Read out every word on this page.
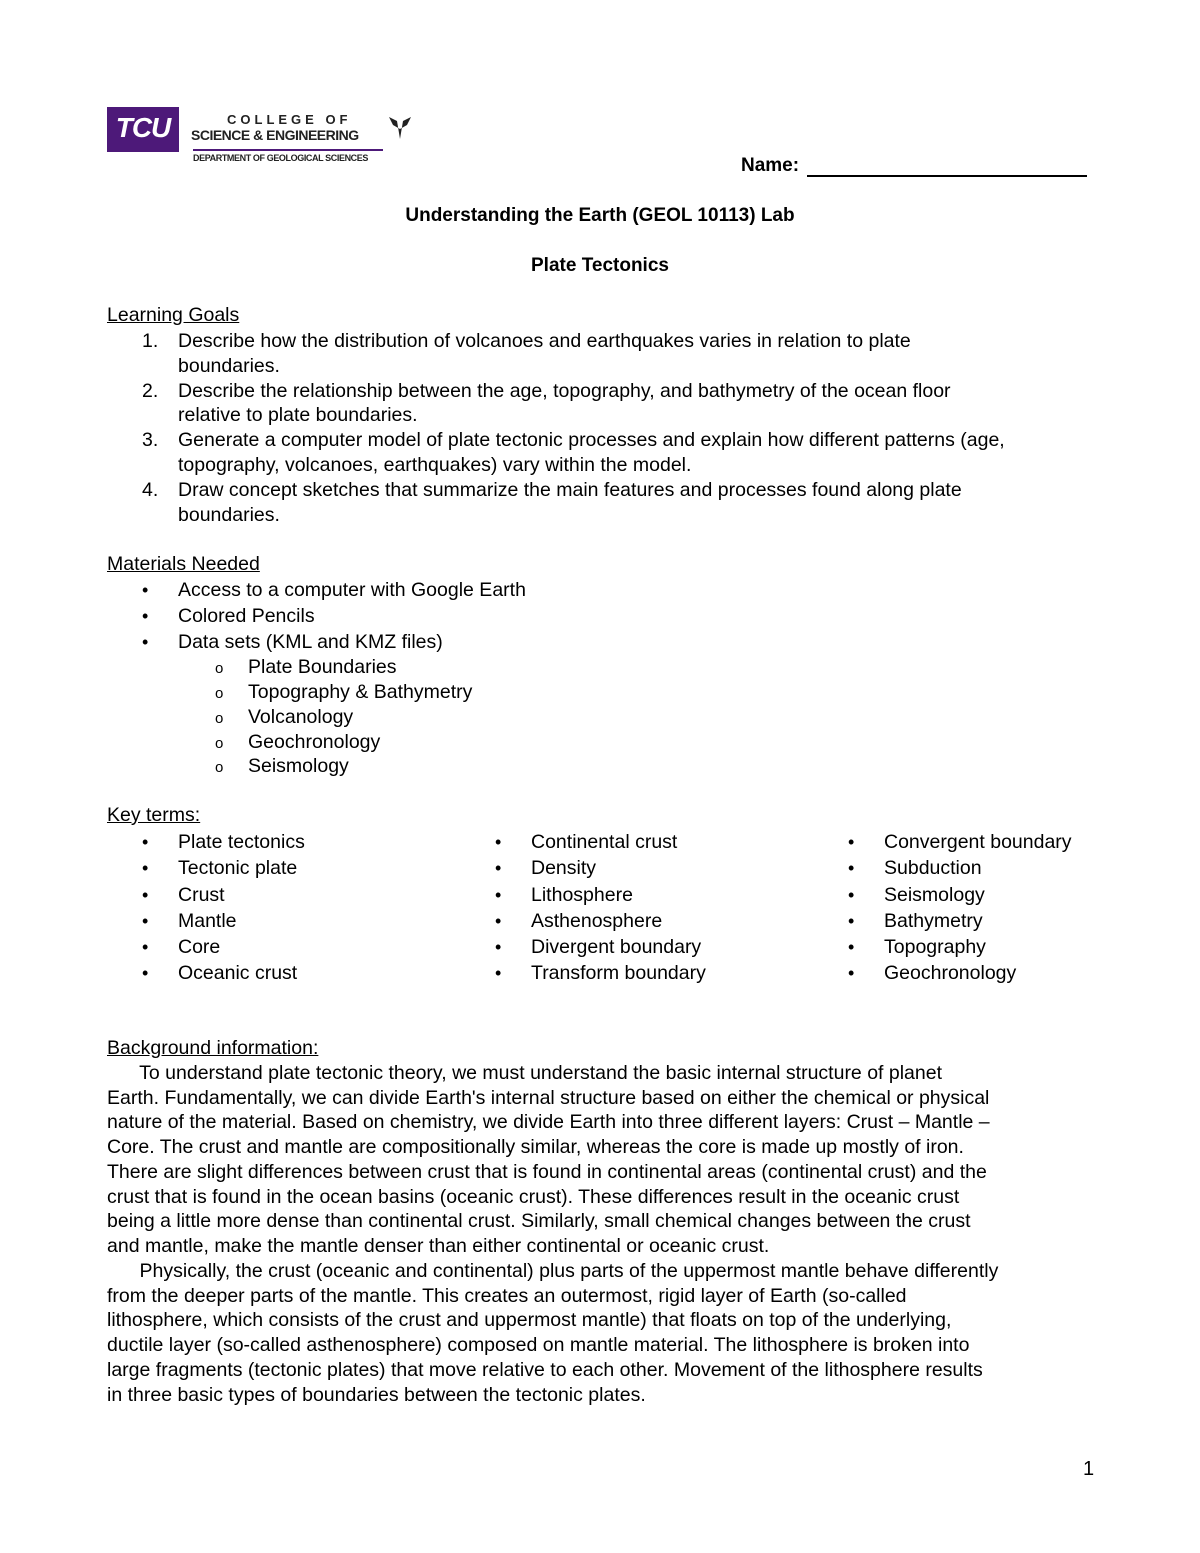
TCU	COLLEGE OF
SCIENCE & ENGINEERING
DEPARTMENT OF GEOLOGICAL SCIENCES	Name:
Understanding the Earth (GEOL 10113) Lab
Plate Tectonics
Learning Goals
1. Describe how the distribution of volcanoes and earthquakes varies in relation to plate
boundaries.
2. Describe the relationship between the age, topography, and bathymetry of the ocean floor
relative to plate boundaries.
3. Generate a computer model of plate tectonic processes and explain how different patterns (age,
topography, volcanoes, earthquakes) vary within the model.
4. Draw concept sketches that summarize the main features and processes found along plate
boundaries.
Materials Needed
• Access to a computer with Google Earth
• Colored Pencils
• Data sets (KML and KMZ files)
o Plate Boundaries
o Topography & Bathymetry
o Volcanology
o Geochronology
o Seismology
Key terms:
• Plate tectonics
• Tectonic plate
• Crust
• Mantle
• Core
• Oceanic crust
• Continental crust
• Density
• Lithosphere
• Asthenosphere
• Divergent boundary
• Transform boundary
• Convergent boundary
• Subduction
• Seismology
• Bathymetry
• Topography
• Geochronology
Background information:
To understand plate tectonic theory, we must understand the basic internal structure of planet
Earth. Fundamentally, we can divide Earth's internal structure based on either the chemical or physical
nature of the material. Based on chemistry, we divide Earth into three different layers: Crust – Mantle –
Core. The crust and mantle are compositionally similar, whereas the core is made up mostly of iron.
There are slight differences between crust that is found in continental areas (continental crust) and the
crust that is found in the ocean basins (oceanic crust). These differences result in the oceanic crust
being a little more dense than continental crust. Similarly, small chemical changes between the crust
and mantle, make the mantle denser than either continental or oceanic crust.
Physically, the crust (oceanic and continental) plus parts of the uppermost mantle behave differently
from the deeper parts of the mantle. This creates an outermost, rigid layer of Earth (so-called
lithosphere, which consists of the crust and uppermost mantle) that floats on top of the underlying,
ductile layer (so-called asthenosphere) composed on mantle material. The lithosphere is broken into
large fragments (tectonic plates) that move relative to each other. Movement of the lithosphere results
in three basic types of boundaries between the tectonic plates.
1
